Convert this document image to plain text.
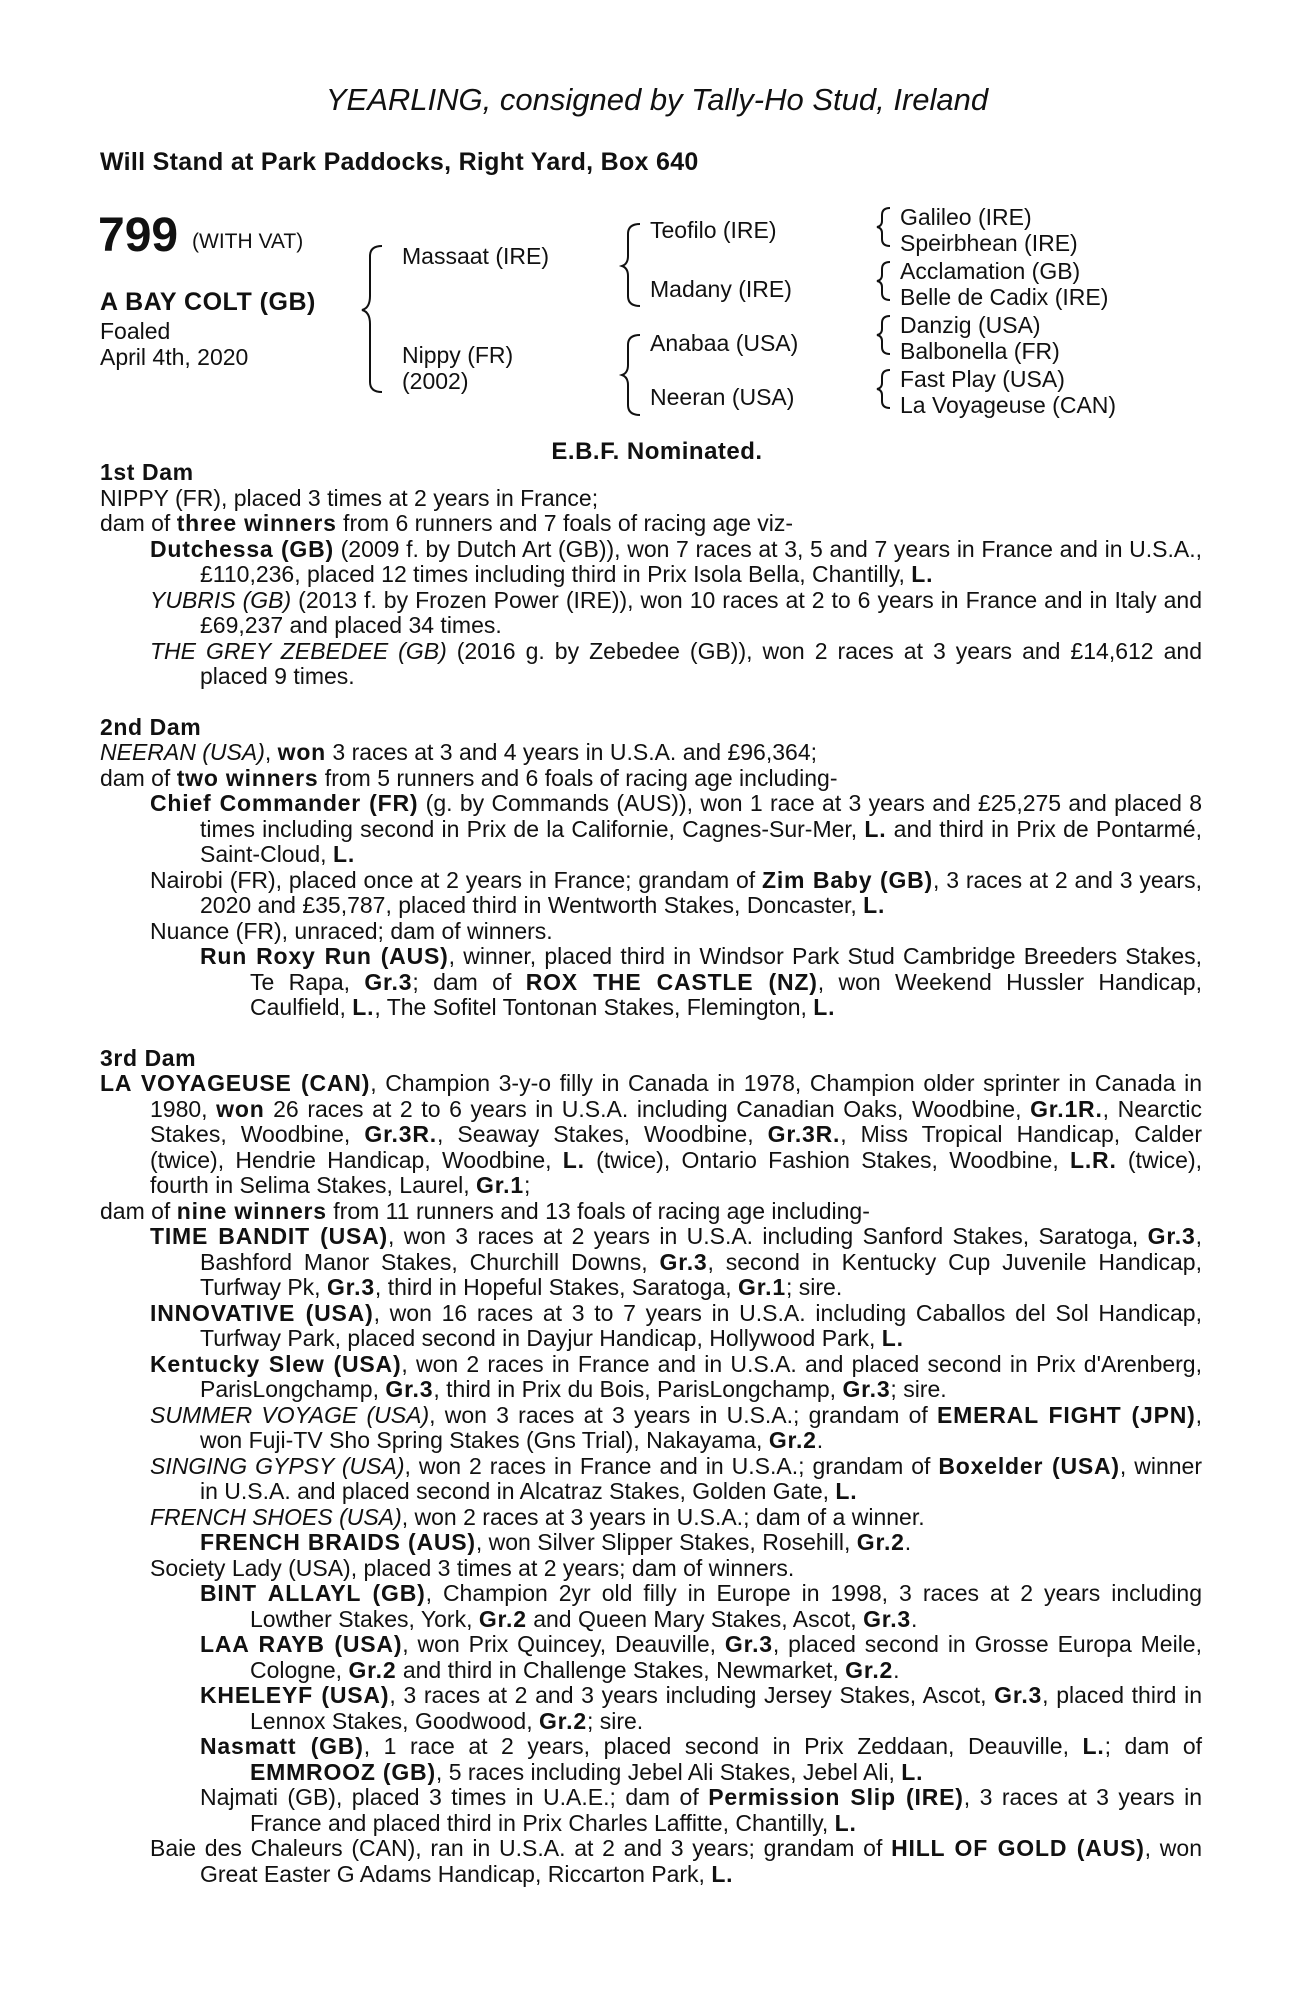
YEARLING, consigned by Tally-Ho Stud, Ireland
Will Stand at Park Paddocks, Right Yard, Box 640
799 (WITH VAT)
A BAY COLT (GB)
Foaled
April 4th, 2020
Massaat (IRE)
Nippy (FR)
(2002)
Teofilo (IRE)
Madany (IRE)
Anabaa (USA)
Neeran (USA)
Galileo (IRE)
Speirbhean (IRE)
Acclamation (GB)
Belle de Cadix (IRE)
Danzig (USA)
Balbonella (FR)
Fast Play (USA)
La Voyageuse (CAN)
E.B.F. Nominated.

1st Dam

NIPPY (FR), placed 3 times at 2 years in France;

dam of three winners from 6 runners and 7 foals of racing age viz-

Dutchessa (GB) (2009 f. by Dutch Art (GB)), won 7 races at 3, 5 and 7 years in France and in U.S.A., £110,236, placed 12 times including third in Prix Isola Bella, Chantilly, L.

YUBRIS (GB) (2013 f. by Frozen Power (IRE)), won 10 races at 2 to 6 years in France and in Italy and £69,237 and placed 34 times.

THE GREY ZEBEDEE (GB) (2016 g. by Zebedee (GB)), won 2 races at 3 years and £14,612 and placed 9 times.

2nd Dam

NEERAN (USA), won 3 races at 3 and 4 years in U.S.A. and £96,364;

dam of two winners from 5 runners and 6 foals of racing age including-

Chief Commander (FR) (g. by Commands (AUS)), won 1 race at 3 years and £25,275 and placed 8 times including second in Prix de la Californie, Cagnes-Sur-Mer, L. and third in Prix de Pontarmé, Saint-Cloud, L.

Nairobi (FR), placed once at 2 years in France; grandam of Zim Baby (GB), 3 races at 2 and 3 years, 2020 and £35,787, placed third in Wentworth Stakes, Doncaster, L.

Nuance (FR), unraced; dam of winners.

Run Roxy Run (AUS), winner, placed third in Windsor Park Stud Cambridge Breeders Stakes, Te Rapa, Gr.3; dam of ROX THE CASTLE (NZ), won Weekend Hussler Handicap, Caulfield, L., The Sofitel Tontonan Stakes, Flemington, L.

3rd Dam

LA VOYAGEUSE (CAN), Champion 3-y-o filly in Canada in 1978, Champion older sprinter in Canada in 1980, won 26 races at 2 to 6 years in U.S.A. including Canadian Oaks, Woodbine, Gr.1R., Nearctic Stakes, Woodbine, Gr.3R., Seaway Stakes, Woodbine, Gr.3R., Miss Tropical Handicap, Calder (twice), Hendrie Handicap, Woodbine, L. (twice), Ontario Fashion Stakes, Woodbine, L.R. (twice), fourth in Selima Stakes, Laurel, Gr.1;

dam of nine winners from 11 runners and 13 foals of racing age including-

TIME BANDIT (USA), won 3 races at 2 years in U.S.A. including Sanford Stakes, Saratoga, Gr.3, Bashford Manor Stakes, Churchill Downs, Gr.3, second in Kentucky Cup Juvenile Handicap, Turfway Pk, Gr.3, third in Hopeful Stakes, Saratoga, Gr.1; sire.

INNOVATIVE (USA), won 16 races at 3 to 7 years in U.S.A. including Caballos del Sol Handicap, Turfway Park, placed second in Dayjur Handicap, Hollywood Park, L.

Kentucky Slew (USA), won 2 races in France and in U.S.A. and placed second in Prix d'Arenberg, ParisLongchamp, Gr.3, third in Prix du Bois, ParisLongchamp, Gr.3; sire.

SUMMER VOYAGE (USA), won 3 races at 3 years in U.S.A.; grandam of EMERAL FIGHT (JPN), won Fuji-TV Sho Spring Stakes (Gns Trial), Nakayama, Gr.2.

SINGING GYPSY (USA), won 2 races in France and in U.S.A.; grandam of Boxelder (USA), winner in U.S.A. and placed second in Alcatraz Stakes, Golden Gate, L.

FRENCH SHOES (USA), won 2 races at 3 years in U.S.A.; dam of a winner.

FRENCH BRAIDS (AUS), won Silver Slipper Stakes, Rosehill, Gr.2.

Society Lady (USA), placed 3 times at 2 years; dam of winners.

BINT ALLAYL (GB), Champion 2yr old filly in Europe in 1998, 3 races at 2 years including Lowther Stakes, York, Gr.2 and Queen Mary Stakes, Ascot, Gr.3.

LAA RAYB (USA), won Prix Quincey, Deauville, Gr.3, placed second in Grosse Europa Meile, Cologne, Gr.2 and third in Challenge Stakes, Newmarket, Gr.2.

KHELEYF (USA), 3 races at 2 and 3 years including Jersey Stakes, Ascot, Gr.3, placed third in Lennox Stakes, Goodwood, Gr.2; sire.

Nasmatt (GB), 1 race at 2 years, placed second in Prix Zeddaan, Deauville, L.; dam of EMMROOZ (GB), 5 races including Jebel Ali Stakes, Jebel Ali, L.

Najmati (GB), placed 3 times in U.A.E.; dam of Permission Slip (IRE), 3 races at 3 years in France and placed third in Prix Charles Laffitte, Chantilly, L.

Baie des Chaleurs (CAN), ran in U.S.A. at 2 and 3 years; grandam of HILL OF GOLD (AUS), won Great Easter G Adams Handicap, Riccarton Park, L.
